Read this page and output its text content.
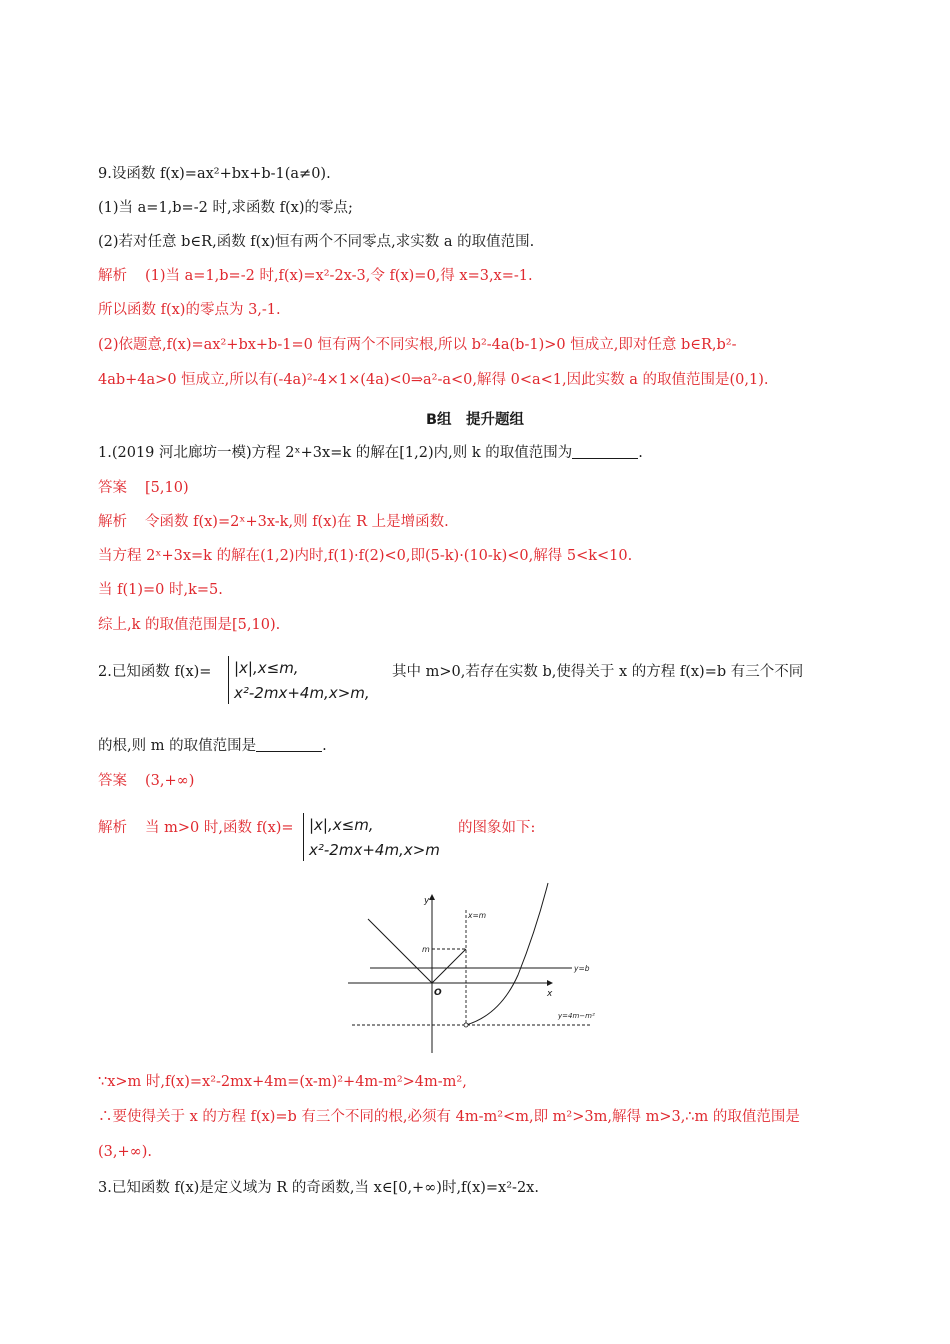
9.设函数 f(x)=ax²+bx+b-1(a≠0).
(1)当 a=1,b=-2 时,求函数 f(x)的零点;
(2)若对任意 b∈R,函数 f(x)恒有两个不同零点,求实数 a 的取值范围.
解析 (1)当 a=1,b=-2 时,f(x)=x²-2x-3,令 f(x)=0,得 x=3,x=-1.
所以函数 f(x)的零点为 3,-1.
(2)依题意,f(x)=ax²+bx+b-1=0 恒有两个不同实根,所以 b²-4a(b-1)>0 恒成立,即对任意 b∈R,b²-
4ab+4a>0 恒成立,所以有(-4a)²-4×1×(4a)<0⇒a²-a<0,解得 0<a<1,因此实数 a 的取值范围是(0,1).
B组　提升题组
1.(2019 河北廊坊一模)方程 2ˣ+3x=k 的解在[1,2)内,则 k 的取值范围为	.
答案 [5,10)
解析 令函数 f(x)=2ˣ+3x-k,则 f(x)在 R 上是增函数.
当方程 2ˣ+3x=k 的解在(1,2)内时,f(1)·f(2)<0,即(5-k)·(10-k)<0,解得 5<k<10.
当 f(1)=0 时,k=5.
综上,k 的取值范围是[5,10).
2.已知函数 f(x)= |x|,x≤m,
x²-2mx+4m,x>m,
其中 m>0,若存在实数 b,使得关于 x 的方程 f(x)=b 有三个不同
的根,则 m 的取值范围是	.
答案 (3,+∞)
解析 当 m>0 时,函数 f(x)= |x|,x≤m,
x²-2mx+4m,x>m
的图象如下:
y
x
O
m
x=m
y=b
y=4m−m²
∵x>m 时,f(x)=x²-2mx+4m=(x-m)²+4m-m²>4m-m²,
∴要使得关于 x 的方程 f(x)=b 有三个不同的根,必须有 4m-m²<m,即 m²>3m,解得 m>3,∴m 的取值范围是
(3,+∞).
3.已知函数 f(x)是定义域为 R 的奇函数,当 x∈[0,+∞)时,f(x)=x²-2x.
